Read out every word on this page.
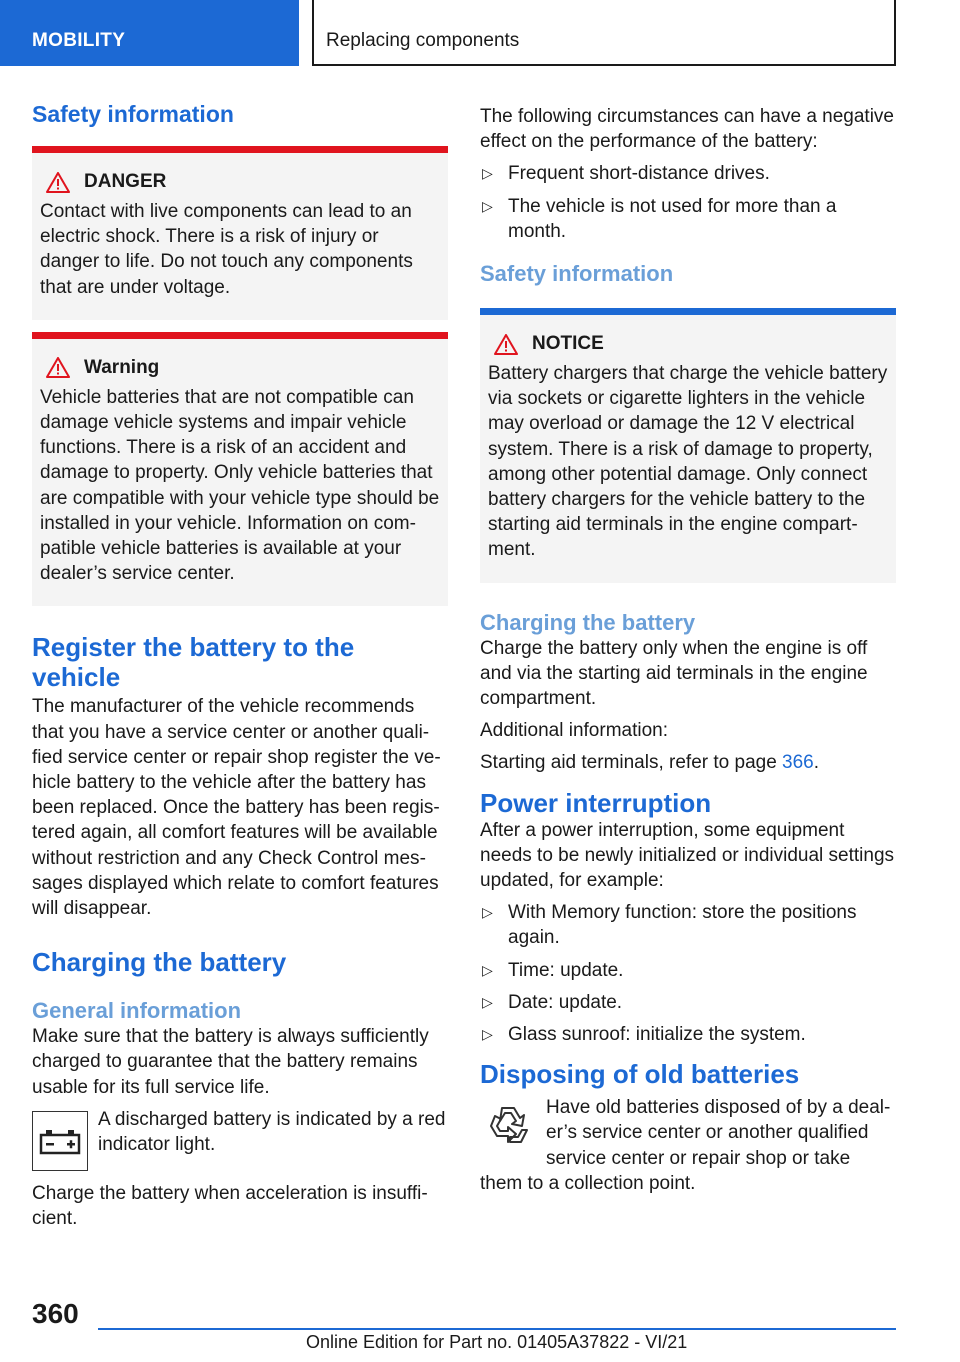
MOBILITY	Replacing components
Safety information
DANGER

Contact with live components can lead to an electric shock. There is a risk of injury or danger to life. Do not touch any components that are under voltage.

Warning

Vehicle batteries that are not compatible can damage vehicle systems and impair vehicle functions. There is a risk of an accident and damage to property. Only vehicle batteries that are compatible with your vehicle type should be installed in your vehicle. Information on compatible vehicle batteries is available at your dealer’s service center.

Register the battery to the vehicle

The manufacturer of the vehicle recommends that you have a service center or another qualified service center or repair shop register the vehicle battery to the vehicle after the battery has been replaced. Once the battery has been registered again, all comfort features will be available without restriction and any Check Control messages displayed which relate to comfort features will disappear.

Charging the battery
General information

Make sure that the battery is always sufficiently charged to guarantee that the battery remains usable for its full service life.

A discharged battery is indicated by a red indicator light.

Charge the battery when acceleration is insufficient.

The following circumstances can have a negative effect on the performance of the battery:

▷ Frequent short-distance drives.
▷ The vehicle is not used for more than a month.
Safety information
NOTICE

Battery chargers that charge the vehicle battery via sockets or cigarette lighters in the vehicle may overload or damage the 12 V electrical system. There is a risk of damage to property, among other potential damage. Only connect battery chargers for the vehicle battery to the starting aid terminals in the engine compartment.

Charging the battery

Charge the battery only when the engine is off and via the starting aid terminals in the engine compartment.

Additional information:

Starting aid terminals, refer to page 366.

Power interruption

After a power interruption, some equipment needs to be newly initialized or individual settings updated, for example:

▷ With Memory function: store the positions again.
▷ Time: update.
▷ Date: update.
▷ Glass sunroof: initialize the system.
Disposing of old batteries

Have old batteries disposed of by a dealer’s service center or another qualified service center or repair shop or take them to a collection point.

360
Online Edition for Part no. 01405A37822 - VI/21
